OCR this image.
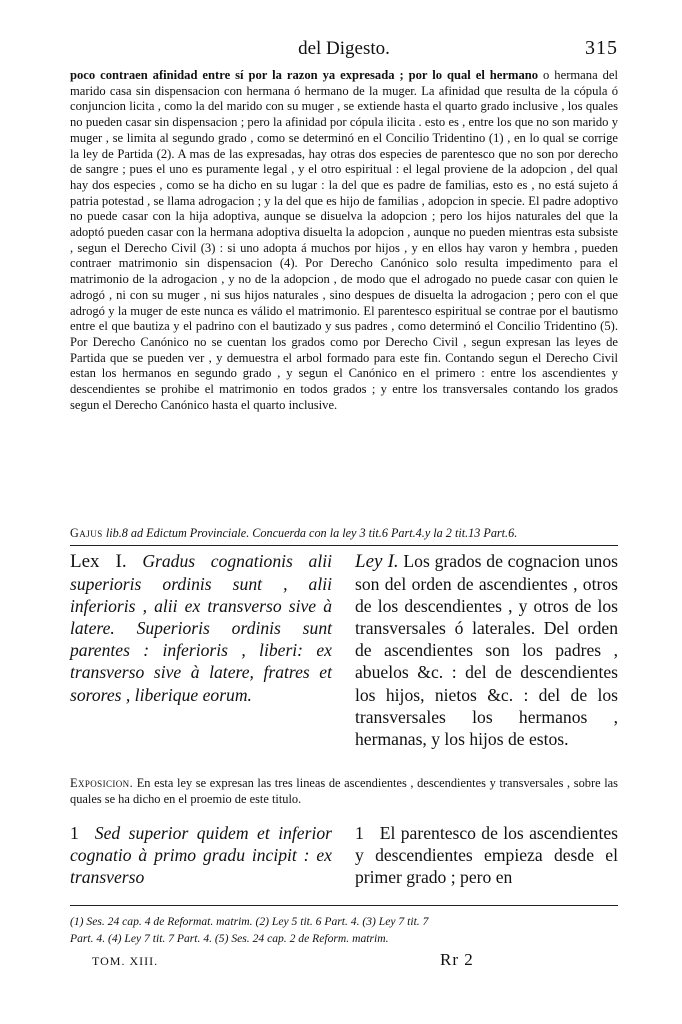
del Digesto.	315

poco contraen afinidad entre sí por la razon ya expresada ; por lo qual el hermano o hermana del marido casa sin dispensacion con hermana ó hermano de la muger. La afinidad que resulta de la cópula ó conjuncion licita , como la del marido con su muger , se extiende hasta el quarto grado inclusive , los quales no pueden casar sin dispensacion ; pero la afinidad por cópula ilicita . esto es , entre los que no son marido y muger , se limita al segundo grado , como se determinó en el Concilio Tridentino (1) , en lo qual se corrige la ley de Partida (2). A mas de las expresadas, hay otras dos especies de parentesco que no son por derecho de sangre ; pues el uno es puramente legal , y el otro espiritual : el legal proviene de la adopcion , del qual hay dos especies , como se ha dicho en su lugar : la del que es padre de familias, esto es , no está sujeto á patria potestad , se llama adrogacion ; y la del que es hijo de familias , adopcion in specie. El padre adoptivo no puede casar con la hija adoptiva, aunque se disuelva la adopcion ; pero los hijos naturales del que la adoptó pueden casar con la hermana adoptiva disuelta la adopcion , aunque no pueden mientras esta subsiste , segun el Derecho Civil (3) : si uno adopta á muchos por hijos , y en ellos hay varon y hembra , pueden contraer matrimonio sin dispensacion (4). Por Derecho Canónico solo resulta impedimento para el matrimonio de la adrogacion , y no de la adopcion , de modo que el adrogado no puede casar con quien le adrogó , ni con su muger , ni sus hijos naturales , sino despues de disuelta la adrogacion ; pero con el que adrogó y la muger de este nunca es válido el matrimonio. El parentesco espiritual se contrae por el bautismo entre el que bautiza y el padrino con el bautizado y sus padres , como determinó el Concilio Tridentino (5). Por Derecho Canónico no se cuentan los grados como por Derecho Civil , segun expresan las leyes de Partida que se pueden ver , y demuestra el arbol formado para este fin. Contando segun el Derecho Civil estan los hermanos en segundo grado , y segun el Canónico en el primero : entre los ascendientes y descendientes se prohibe el matrimonio en todos grados ; y entre los transversales contando los grados segun el Derecho Canónico hasta el quarto inclusive.

Gajus lib.8 ad Edictum Provinciale. Concuerda con la ley 3 tit.6 Part.4.y la 2 tit.13 Part.6.

Lex I. Gradus cognationis alii superioris ordinis sunt , alii inferioris , alii ex transverso sive à latere. Superioris ordinis sunt parentes : inferioris , liberi: ex transverso sive à latere, fratres et sorores , liberique eorum.

Ley I. Los grados de cognacion unos son del orden de ascendientes , otros de los descendientes , y otros de los transversales ó laterales. Del orden de ascendientes son los padres , abuelos &c. : del de descendientes los hijos, nietos &c. : del de los transversales los hermanos , hermanas, y los hijos de estos.

Exposicion. En esta ley se expresan las tres lineas de ascendientes , descendientes y transversales , sobre las quales se ha dicho en el proemio de este titulo.

1 Sed superior quidem et inferior cognatio à primo gradu incipit : ex transverso

1 El parentesco de los ascendientes y descendientes empieza desde el primer grado ; pero en

(1) Ses. 24 cap. 4 de Reformat. matrim. (2) Ley 5 tit. 6 Part. 4. (3) Ley 7 tit. 7
Part. 4. (4) Ley 7 tit. 7 Part. 4. (5) Ses. 24 cap. 2 de Reform. matrim.

TOM. XIII.	Rr 2
